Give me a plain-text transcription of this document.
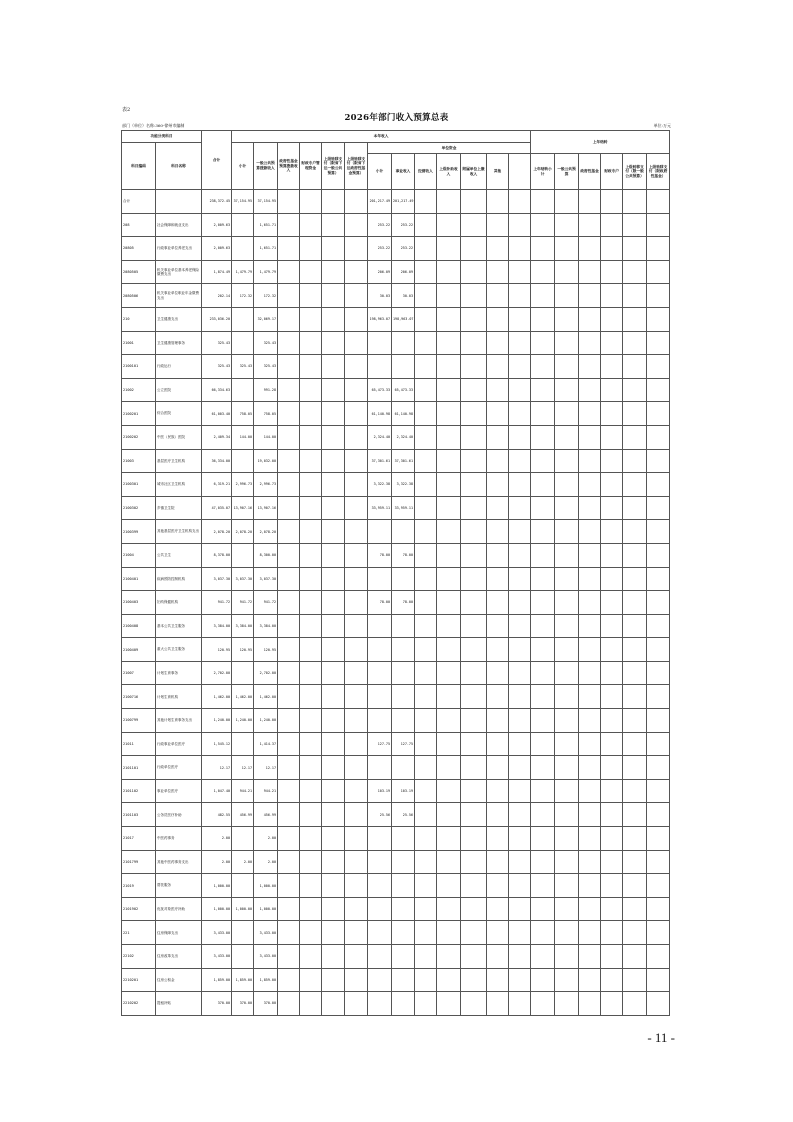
表2
2026年部门收入预算总表
部门（单位）名称:360-徐州市编制	单位:万元
功能分类科目		合计	本年收入													上年结转					
科目编码	科目名称		小计	一般公共预算拨款收入	政府性基金预算拨款收入	财政专户管理资金	上级转移支付（限省下达一般公共预算）	上级转移支付（限省下达政府性基金预算）	单位资金												
									小计	事业收入	经营收入	上级补助收入	附属单位上缴收入	其他		上年结转小计	一般公共预算	政府性基金	财政专户	上级转移支付（限一般公共预算）	上级转移支付（限政府性基金）
合计		238,372.45	37,154.95	37,154.95					201,217.49	201,217.49											
208	社会保障和就业支出	2,009.63		1,651.71					253.22	253.22											
20805	行政事业单位养老支出	2,009.63		1,651.71					253.22	253.22											
2080505	机关事业单位基本养老保险缴费支出	1,874.49	1,479.79	1,479.79					206.09	206.09											
2080506	机关事业单位职业年金缴费支出	202.14	172.32	172.32					30.03	30.03											
210	卫生健康支出	233,036.20		32,069.17					198,963.07	198,963.07											
21001	卫生健康管理事务	325.43		325.43																	
2100101	行政运行	325.43	325.43	325.43																	
21002	公立医院	66,334.63		991.28					65,473.33	65,473.33											
2100201	综合医院	61,003.40	758.05	758.05					61,140.98	61,140.98											
2100202	中医（民族）医院	2,409.34	144.00	144.00					2,324.40	2,324.40											
21003	基层医疗卫生机构	36,334.00		19,032.00					37,301.61	37,301.61											
2100301	城市社区卫生机构	6,319.21	2,996.73	2,996.73					3,322.38	3,322.38											
2100302	乡镇卫生院	47,035.07	13,907.16	13,907.16					33,959.11	33,959.11											
2100399	其他基层医疗卫生机构支出	2,078.20	2,078.20	2,078.20																	
21004	公共卫生	8,378.00		8,300.00					78.00	78.00											
2100401	疾病预防控制机构	3,037.30	3,037.30	3,037.30																	
2100403	妇幼保健机构	941.72	941.72	941.72					78.00	78.00											
2100408	基本公共卫生服务	3,384.00	3,384.00	3,384.00																	
2100409	重大公共卫生服务	120.95	120.95	120.95																	
21007	计划生育事务	2,702.00		2,702.00																	
2100716	计划生育机构	1,462.00	1,462.00	1,462.00																	
2100799	其他计划生育事务支出	1,240.00	1,240.00	1,240.00																	
21011	行政事业单位医疗	1,545.12		1,414.37					127.75	127.75											
2101101	行政单位医疗	12.17	12.17	12.17																	
2101102	事业单位医疗	1,047.40	944.21	944.21					103.19	103.19											
2101103	公务员医疗补助	482.55	456.99	456.99					25.56	25.56											
21017	中医药事务	2.00		2.00																	
2101799	其他中医药事务支出	2.00	2.00	2.00																	
21019	帮扶服务	1,000.00		1,000.00																	
2101902	优抚对象医疗补助	1,000.00	1,000.00	1,000.00																	
221	住房保障支出	3,433.00		3,433.00																	
22102	住房改革支出	3,433.00		3,433.00																	
2210201	住房公积金	1,859.00	1,859.00	1,859.00																	
2210202	提租补贴	370.00	370.00	370.00																	
- 11 -
